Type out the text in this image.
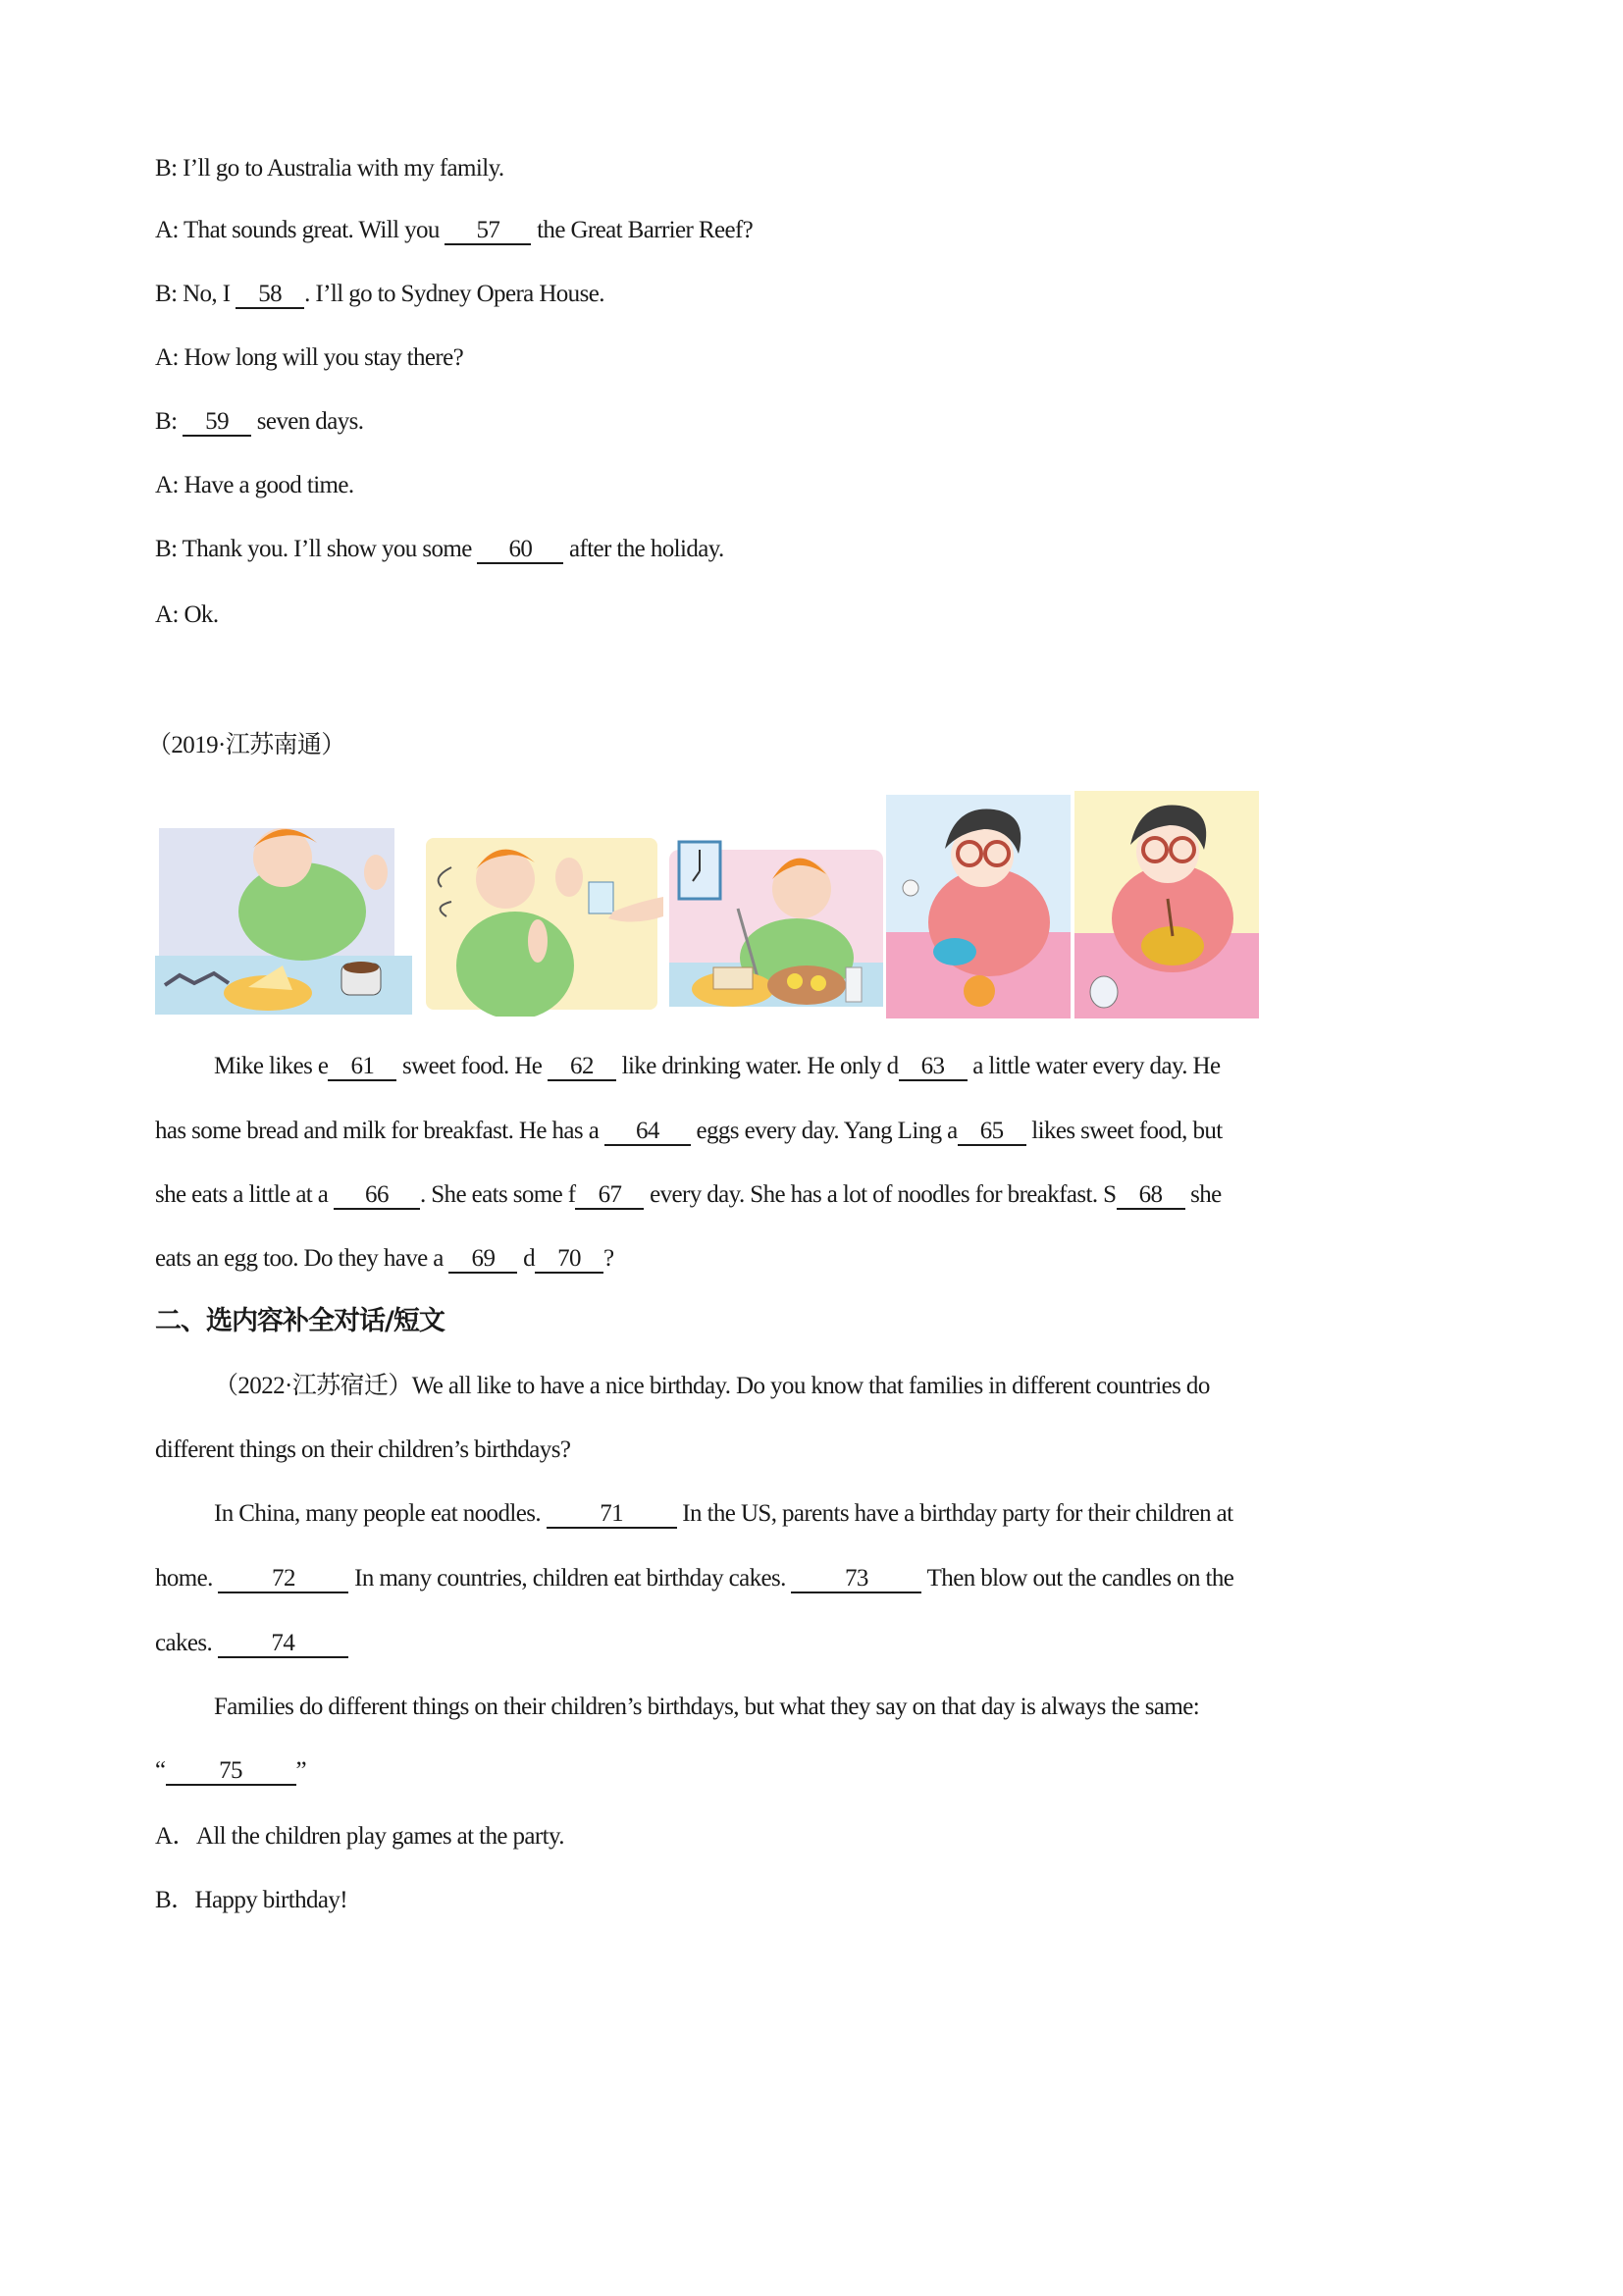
B: I’ll go to Australia with my family.
A: That sounds great. Will you 57 the Great Barrier Reef?
B: No, I 58 . I’ll go to Sydney Opera House.
A: How long will you stay there?
B: 59 seven days.
A: Have a good time.
B: Thank you. I’ll show you some 60 after the holiday.
A: Ok.
（2019·江苏南通）
Mike likes e 61 sweet food. He 62 like drinking water. He only d 63 a little water every day. He
has some bread and milk for breakfast. He has a 64 eggs every day. Yang Ling a 65 likes sweet food, but
she eats a little at a 66 . She eats some f 67 every day. She has a lot of noodles for breakfast. S 68 she
eats an egg too. Do they have a 69 d 70 ?
二、选内容补全对话/短文
（2022·江苏宿迁）We all like to have a nice birthday. Do you know that families in different countries do
different things on their children’s birthdays?
In China, many people eat noodles. 71 In the US, parents have a birthday party for their children at
home. 72 In many countries, children eat birthday cakes. 73 Then blow out the candles on the
cakes. 74
Families do different things on their children’s birthdays, but what they say on that day is always the same:
“ 75 ”
A．All the children play games at the party.
B．Happy birthday!
